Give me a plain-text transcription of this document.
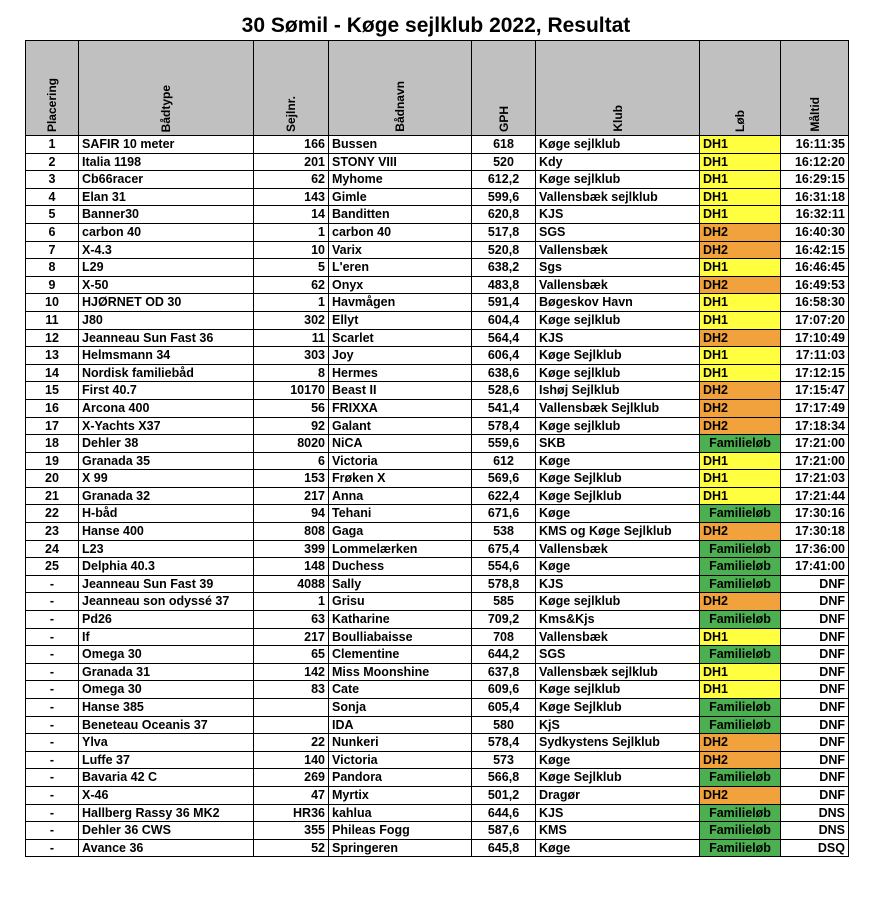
30 Sømil - Køge sejlklub 2022, Resultat
Placering	Bådtype	Sejlnr.	Bådnavn	GPH	Klub	Løb	Måltid

1	SAFIR 10 meter	166	Bussen	618	Køge sejlklub	DH1	16:11:35
2	Italia 1198	201	STONY VIII	520	Kdy	DH1	16:12:20
3	Cb66racer	62	Myhome	612,2	Køge sejlklub	DH1	16:29:15
4	Elan 31	143	Gimle	599,6	Vallensbæk sejlklub	DH1	16:31:18
5	Banner30	14	Banditten	620,8	KJS	DH1	16:32:11
6	carbon 40	1	carbon 40	517,8	SGS	DH2	16:40:30
7	X-4.3	10	Varix	520,8	Vallensbæk	DH2	16:42:15
8	L29	5	L'eren	638,2	Sgs	DH1	16:46:45
9	X-50	62	Onyx	483,8	Vallensbæk	DH2	16:49:53
10	HJØRNET OD 30	1	Havmågen	591,4	Bøgeskov Havn	DH1	16:58:30
11	J80	302	Ellyt	604,4	Køge sejlklub	DH1	17:07:20
12	Jeanneau Sun Fast 36	11	Scarlet	564,4	KJS	DH2	17:10:49
13	Helmsmann 34	303	Joy	606,4	Køge Sejlklub	DH1	17:11:03
14	Nordisk familiebåd	8	Hermes	638,6	Køge sejlklub	DH1	17:12:15
15	First 40.7	10170	Beast II	528,6	Ishøj Sejlklub	DH2	17:15:47
16	Arcona 400	56	FRIXXA	541,4	Vallensbæk Sejlklub	DH2	17:17:49
17	X-Yachts X37	92	Galant	578,4	Køge sejlklub	DH2	17:18:34
18	Dehler 38	8020	NiCA	559,6	SKB	Familieløb	17:21:00
19	Granada 35	6	Victoria	612	Køge	DH1	17:21:00
20	X 99	153	Frøken X	569,6	Køge Sejlklub	DH1	17:21:03
21	Granada 32	217	Anna	622,4	Køge Sejlklub	DH1	17:21:44
22	H-båd	94	Tehani	671,6	Køge	Familieløb	17:30:16
23	Hanse 400	808	Gaga	538	KMS og Køge Sejlklub	DH2	17:30:18
24	L23	399	Lommelærken	675,4	Vallensbæk	Familieløb	17:36:00
25	Delphia 40.3	148	Duchess	554,6	Køge	Familieløb	17:41:00
-	Jeanneau Sun Fast 39	4088	Sally	578,8	KJS	Familieløb	DNF
-	Jeanneau son odyssé 37	1	Grisu	585	Køge sejlklub	DH2	DNF
-	Pd26	63	Katharine	709,2	Kms&Kjs	Familieløb	DNF
-	If	217	Boulliabaisse	708	Vallensbæk	DH1	DNF
-	Omega 30	65	Clementine	644,2	SGS	Familieløb	DNF
-	Granada 31	142	Miss Moonshine	637,8	Vallensbæk sejlklub	DH1	DNF
-	Omega 30	83	Cate	609,6	Køge sejlklub	DH1	DNF
-	Hanse 385		Sonja	605,4	Køge Sejlklub	Familieløb	DNF
-	Beneteau Oceanis 37		IDA	580	KjS	Familieløb	DNF
-	Ylva	22	Nunkeri	578,4	Sydkystens Sejlklub	DH2	DNF
-	Luffe 37	140	Victoria	573	Køge	DH2	DNF
-	Bavaria 42 C	269	Pandora	566,8	Køge Sejlklub	Familieløb	DNF
-	X-46	47	Myrtix	501,2	Dragør	DH2	DNF
-	Hallberg Rassy 36 MK2	HR36	kahlua	644,6	KJS	Familieløb	DNS
-	Dehler 36 CWS	355	Phileas Fogg	587,6	KMS	Familieløb	DNS
-	Avance 36	52	Springeren	645,8	Køge	Familieløb	DSQ
